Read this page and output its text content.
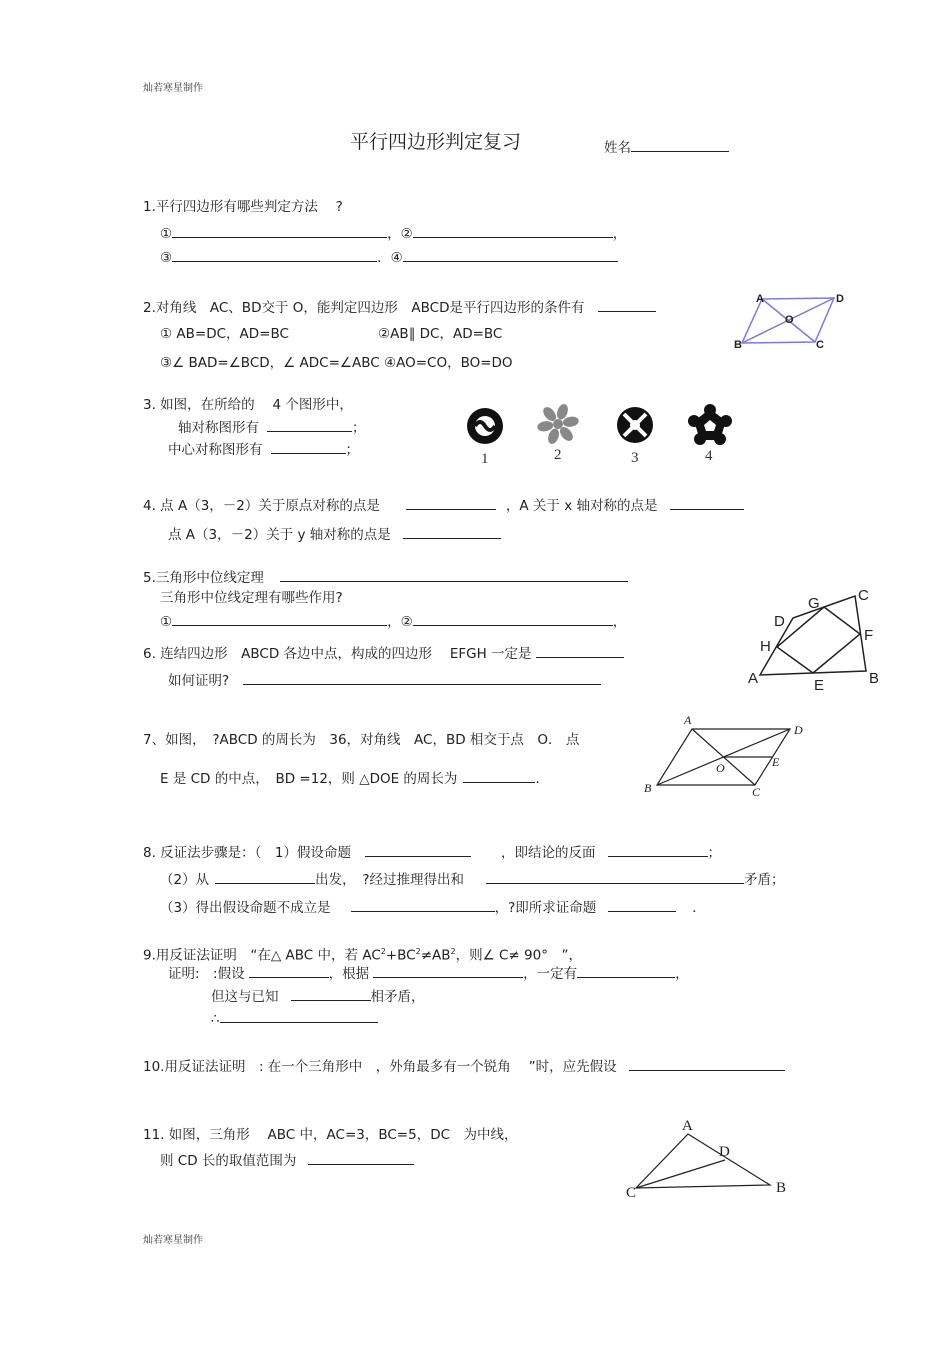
灿若寒星制作
平行四边形判定复习	姓名
1.平行四边形有哪些判定方法　 ?
①	，②	，
③	．④
2.对角线　AC、BD交于 O，能判定四边形　ABCD是平行四边形的条件有
① AB=DC，AD=BC	②AB∥ DC，AD=BC
③∠ BAD=∠BCD，∠ ADC=∠ABC ④AO=CO，BO=DO
A	D
B	C
O
3. 如图，在所给的　 4 个图形中，
轴对称图形有	；
中心对称图形有	；
1	2	3	4
4. 点 A（3，－2）关于原点对称的点是	，A 关于 x 轴对称的点是
点 A（3，－2）关于 y 轴对称的点是
5.三角形中位线定理
三角形中位线定理有哪些作用?
①	，②	，
6. 连结四边形　ABCD 各边中点，构成的四边形　 EFGH 一定是
如何证明?
C
D
G
H
F
A	E	B
7、如图，　?ABCD 的周长为　36，对角线　AC，BD 相交于点　O． 点
E 是 CD 的中点，　BD =12，则 △DOE 的周长为	．
A
D
O	E
B	C
8. 反证法步骤是：（　1）假设命题	，即结论的反面	；
（2）从	出发，　?经过推理得出和	矛盾；
（3）得出假设命题不成立是	，?即所求证命题	．
9.用反证法证明　“在△ ABC 中，若 $AC^2+BC^2\ne AB^2$，则∠ C≠ 90°　”，
证明:　:假设	，根据	，一定有	，
但这与已知	相矛盾，
∴
10.用反证法证明　: 在一个三角形中　，外角最多有一个锐角　 ”时，应先假设
11. 如图，三角形　 ABC 中，AC=3，BC=5，DC　为中线，
则 CD 长的取值范围为
A
D
C	B
灿若寒星制作
